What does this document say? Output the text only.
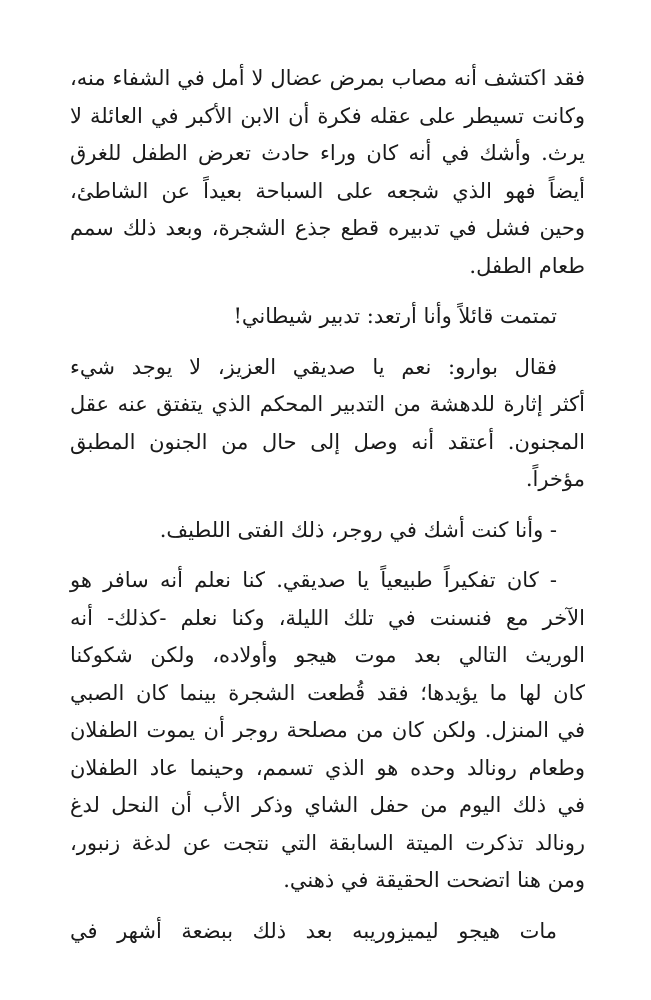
فقد اكتشف أنه مصاب بمرض عضال لا أمل في الشفاء منه،
وكانت تسيطر على عقله فكرة أن الابن الأكبر في العائلة لا
يرث. وأشك في أنه كان وراء حادث تعرض الطفل للغرق
أيضاً فهو الذي شجعه على السباحة بعيداً عن الشاطئ،
وحين فشل في تدبيره قطع جذع الشجرة، وبعد ذلك سمم
طعام الطفل.

تمتمت قائلاً وأنا أرتعد: تدبير شيطاني!

فقال بوارو: نعم يا صديقي العزيز، لا يوجد شيء
أكثر إثارة للدهشة من التدبير المحكم الذي يتفتق عنه عقل
المجنون. أعتقد أنه وصل إلى حال من الجنون المطبق
مؤخراً.

- وأنا كنت أشك في روجر، ذلك الفتى اللطيف.

- كان تفكيراً طبيعياً يا صديقي. كنا نعلم أنه سافر هو
الآخر مع فنسنت في تلك الليلة، وكنا نعلم -كذلك- أنه
الوريث التالي بعد موت هيجو وأولاده، ولكن شكوكنا
كان لها ما يؤيدها؛ فقد قُطعت الشجرة بينما كان الصبي
في المنزل. ولكن كان من مصلحة روجر أن يموت الطفلان
وطعام رونالد وحده هو الذي تسمم، وحينما عاد الطفلان
في ذلك اليوم من حفل الشاي وذكر الأب أن النحل لدغ
رونالد تذكرت الميتة السابقة التي نتجت عن لدغة زنبور،
ومن هنا اتضحت الحقيقة في ذهني.

مات هيجو ليميزوريبه بعد ذلك ببضعة أشهر في
